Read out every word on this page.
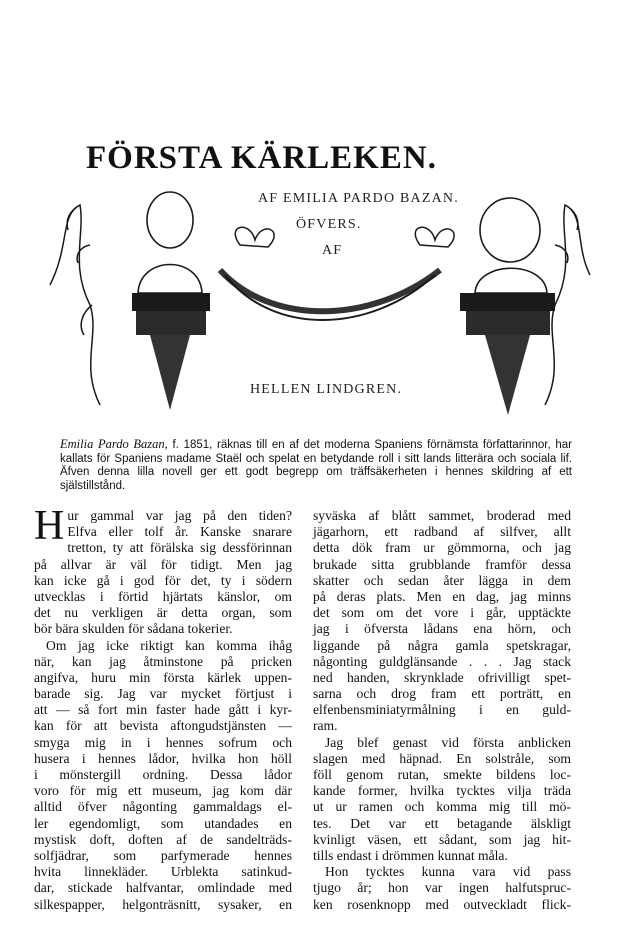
FÖRSTA KÄRLEKEN.
AF EMILIA PARDO BAZAN.
ÖFVERS.
AF
HELLEN LINDGREN.

Emilia Pardo Bazan, f. 1851, räknas till en af det moderna Spaniens förnämsta författarinnor, har kallats för Spaniens madame Staël och spelat en betydande roll i sitt lands litterära och sociala lif. Äfven denna lilla novell ger ett godt begrepp om träffsäkerheten i hennes skildring af ett själstillstånd.

H ur gammal var jag på den tiden?
Elfva eller tolf år. Kanske snarare
tretton, ty att förälska sig dessförinnan
på allvar är väl för tidigt. Men jag
kan icke gå i god för det, ty i södern
utvecklas i förtid hjärtats känslor, om
det nu verkligen är detta organ, som
bör bära skulden för sådana tokerier.
Om jag icke riktigt kan komma ihåg
när, kan jag åtminstone på pricken
angifva, huru min första kärlek uppen-
barade sig. Jag var mycket förtjust i
att — så fort min faster hade gått i kyr-
kan för att bevista aftongudstjänsten —
smyga mig in i hennes sofrum och
husera i hennes lådor, hvilka hon höll
i mönstergill ordning. Dessa lådor
voro för mig ett museum, jag kom där
alltid öfver någonting gammaldags el-
ler egendomligt, som utandades en
mystisk doft, doften af de sandelträds-
solfjädrar, som parfymerade hennes
hvita linnekläder. Urblekta satinkud-
dar, stickade halfvantar, omlindade med
silkespapper, helgonträsnitt, sysaker, en
syväska af blått sammet, broderad med
jägarhorn, ett radband af silfver, allt
detta dök fram ur gömmorna, och jag
brukade sitta grubblande framför dessa
skatter och sedan åter lägga in dem
på deras plats. Men en dag, jag minns
det som om det vore i går, upptäckte
jag i öfversta lådans ena hörn, och
liggande på några gamla spetskragar,
någonting guldglänsande . . . Jag stack
ned handen, skrynklade ofrivilligt spet-
sarna och drog fram ett porträtt, en
elfenbensminiatyrmålning i en guld-
ram.
Jag blef genast vid första anblicken
slagen med häpnad. En solstråle, som
föll genom rutan, smekte bildens loc-
kande former, hvilka tycktes vilja träda
ut ur ramen och komma mig till mö-
tes. Det var ett betagande älskligt
kvinligt väsen, ett sådant, som jag hit-
tills endast i drömmen kunnat måla.
Hon tycktes kunna vara vid pass
tjugo år; hon var ingen halfutspruc-
ken rosenknopp med outveckladt flick-
